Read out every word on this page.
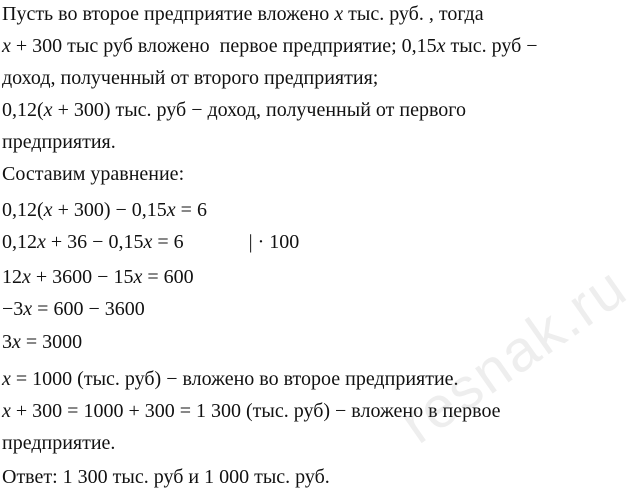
Пусть во второе предприятие вложено x тыс. руб. , тогда
x + 300 тыс руб вложено  первое предприятие; 0,15x тыс. руб −
доход, полученный от второго предприятия;
0,12(x + 300) тыс. руб − доход, полученный от первого
предприятия.
Составим уравнение:
0,12(x + 300) − 0,15x = 6
0,12x + 36 − 0,15x = 6             | · 100
12x + 3600 − 15x = 600
−3x = 600 − 3600
3x = 3000
x = 1000 (тыс. руб) − вложено во второе предприятие.
x + 300 = 1000 + 300 = 1 300 (тыс. руб) − вложено в первое
предприятие.
Ответ: 1 300 тыс. руб и 1 000 тыс. руб.
resnak.ru
